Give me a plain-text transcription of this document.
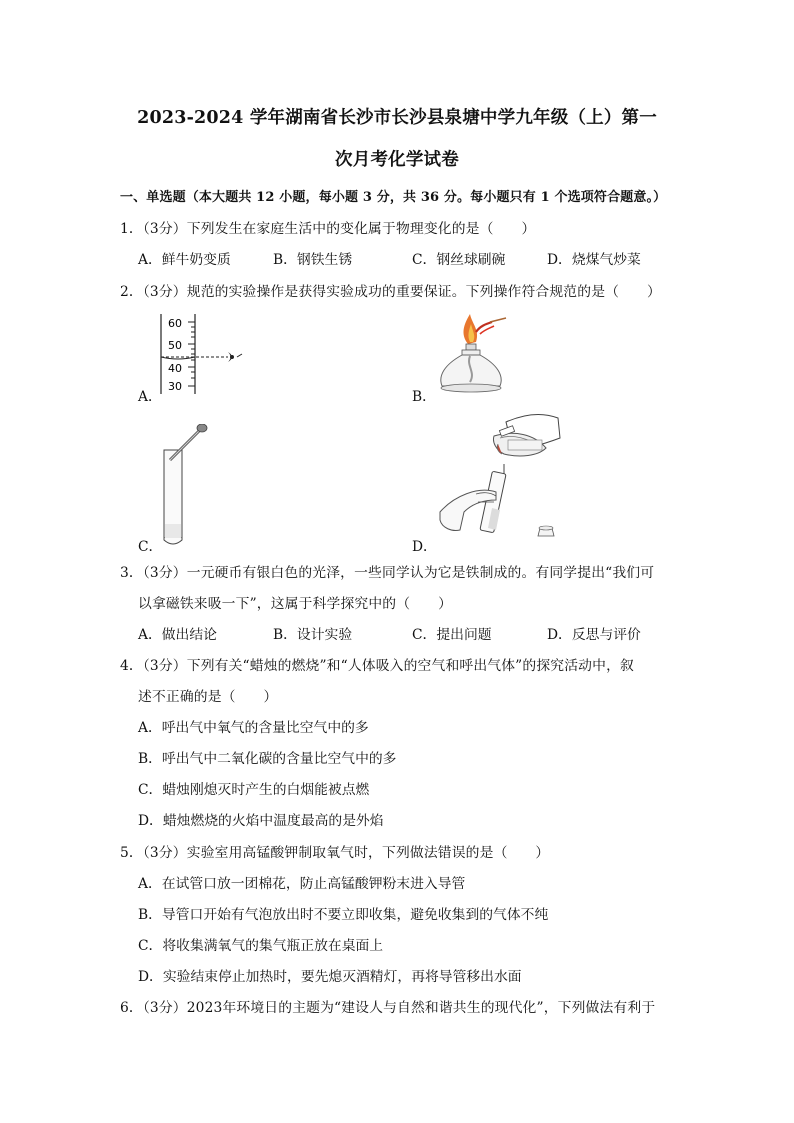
2023-2024 学年湖南省长沙市长沙县泉塘中学九年级（上）第一
次月考化学试卷
一、单选题（本大题共 12 小题，每小题 3 分，共 36 分。每小题只有 1 个选项符合题意。）
1．（3分）下列发生在家庭生活中的变化属于物理变化的是（　　）
A．鲜牛奶变质	B．钢铁生锈	C．钢丝球刷碗	D．烧煤气炒菜
2．（3分）规范的实验操作是获得实验成功的重要保证。下列操作符合规范的是（　　）
A．
60
50
40
30
B．
C．	D．
3．（3分）一元硬币有银白色的光泽，一些同学认为它是铁制成的。有同学提出“我们可
以拿磁铁来吸一下”，这属于科学探究中的（　　）
A．做出结论	B．设计实验	C．提出问题	D．反思与评价
4．（3分）下列有关“蜡烛的燃烧”和“人体吸入的空气和呼出气体”的探究活动中，叙
述不正确的是（　　）
A．呼出气中氧气的含量比空气中的多
B．呼出气中二氧化碳的含量比空气中的多
C．蜡烛刚熄灭时产生的白烟能被点燃
D．蜡烛燃烧的火焰中温度最高的是外焰
5．（3分）实验室用高锰酸钾制取氧气时，下列做法错误的是（　　）
A．在试管口放一团棉花，防止高锰酸钾粉末进入导管
B．导管口开始有气泡放出时不要立即收集，避免收集到的气体不纯
C．将收集满氧气的集气瓶正放在桌面上
D．实验结束停止加热时，要先熄灭酒精灯，再将导管移出水面
6．（3分）2023年环境日的主题为“建设人与自然和谐共生的现代化”，下列做法有利于
